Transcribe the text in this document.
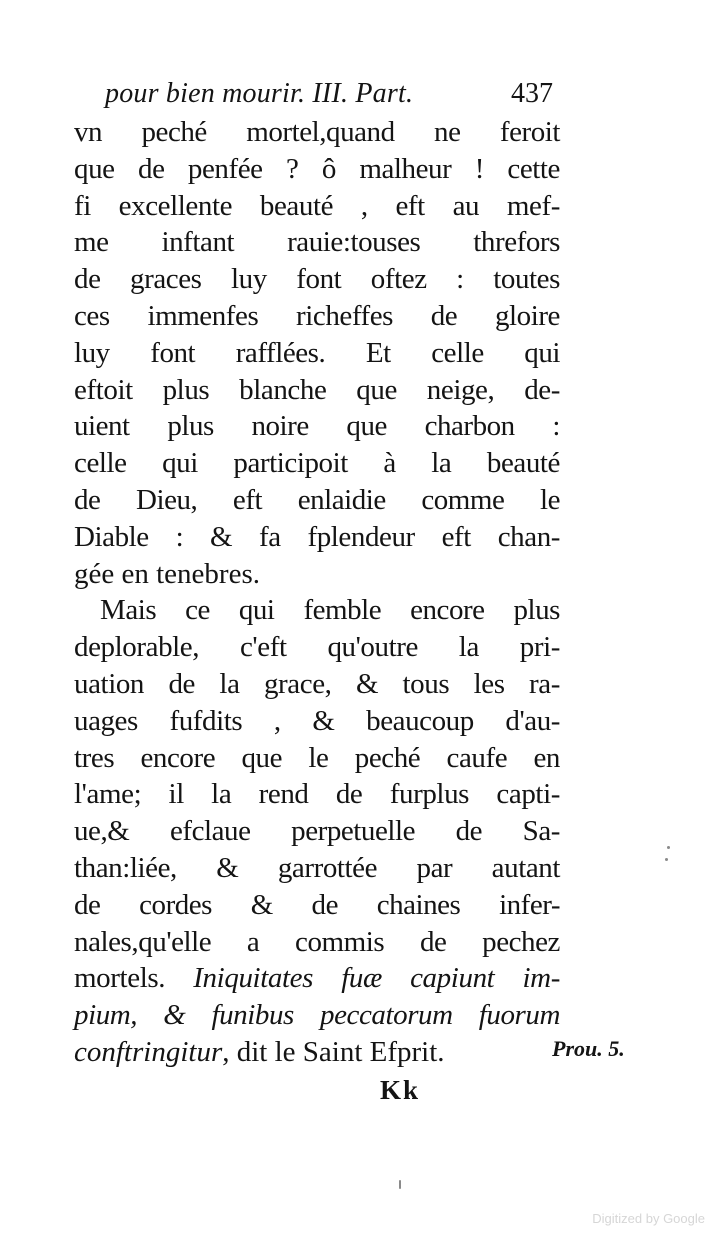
pour bien mourir. III. Part.	437
vn peché mortel,quand ne feroit
que de penfée ? ô malheur ! cette
fi excellente beauté , eft au mef-
me inftant rauie:touses threfors
de graces luy font oftez : toutes
ces immenfes richeffes de gloire
luy font rafflées. Et celle qui
eftoit plus blanche que neige, de-
uient plus noire que charbon :
celle qui participoit à la beauté
de Dieu, eft enlaidie comme le
Diable : & fa fplendeur eft chan-
gée en tenebres.
Mais ce qui femble encore plus
deplorable, c'eft qu'outre la pri-
uation de la grace, & tous les ra-
uages fufdits , & beaucoup d'au-
tres encore que le peché caufe en
l'ame; il la rend de furplus capti-
ue,& efclaue perpetuelle de Sa-
than:liée, & garrottée par autant
de cordes & de chaines infer-
nales,qu'elle a commis de pechez
mortels. Iniquitates fuæ capiunt im-
pium, & funibus peccatorum fuorum
conftringitur, dit le Saint Efprit.	Prou. 5.
Kk
Digitized by Google
